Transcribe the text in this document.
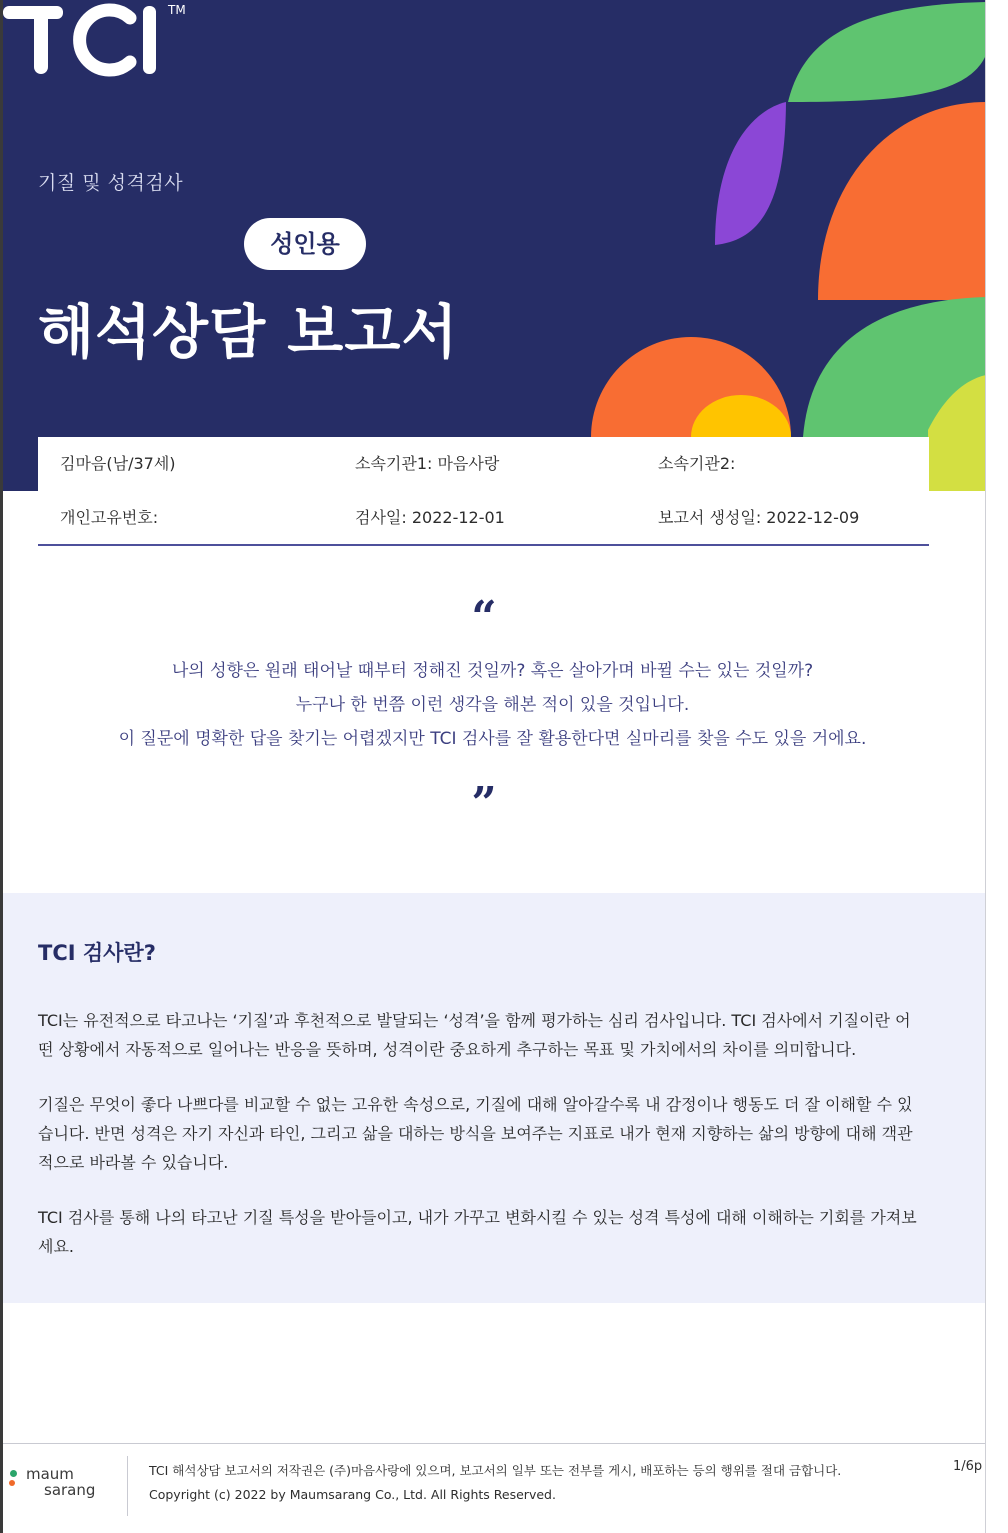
기질 및 성격검사
TM
성인용
해석상담 보고서
김마음(남/37세)	소속기관1: 마음사랑	소속기관2:
개인고유번호:	검사일: 2022-12-01	보고서 생성일: 2022-12-09
“
나의 성향은 원래 태어날 때부터 정해진 것일까? 혹은 살아가며 바뀔 수는 있는 것일까?
누구나 한 번쯤 이런 생각을 해본 적이 있을 것입니다.
이 질문에 명확한 답을 찾기는 어렵겠지만 TCI 검사를 잘 활용한다면 실마리를 찾을 수도 있을 거에요.
”
TCI 검사란?

TCI는 유전적으로 타고나는 ‘기질’과 후천적으로 발달되는 ‘성격’을 함께 평가하는 심리 검사입니다. TCI 검사에서 기질이란 어떤 상황에서 자동적으로 일어나는 반응을 뜻하며, 성격이란 중요하게 추구하는 목표 및 가치에서의 차이를 의미합니다.

기질은 무엇이 좋다 나쁘다를 비교할 수 없는 고유한 속성으로, 기질에 대해 알아갈수록 내 감정이나 행동도 더 잘 이해할 수 있습니다. 반면 성격은 자기 자신과 타인, 그리고 삶을 대하는 방식을 보여주는 지표로 내가 현재 지향하는 삶의 방향에 대해 객관적으로 바라볼 수 있습니다.

TCI 검사를 통해 나의 타고난 기질 특성을 받아들이고, 내가 가꾸고 변화시킬 수 있는 성격 특성에 대해 이해하는 기회를 가져보세요.

maum
sarang
TCI 해석상담 보고서의 저작권은 (주)마음사랑에 있으며, 보고서의 일부 또는 전부를 게시, 배포하는 등의 행위를 절대 금합니다.
Copyright (c) 2022 by Maumsarang Co., Ltd. All Rights Reserved.
1/6p
